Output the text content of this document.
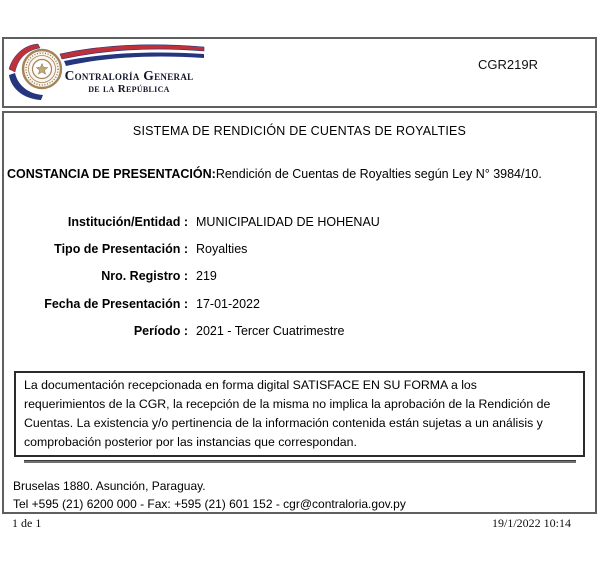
Contraloría General
de la República
CGR219R
SISTEMA DE RENDICIÓN DE CUENTAS DE ROYALTIES
CONSTANCIA DE PRESENTACIÓN:Rendición de Cuentas de Royalties según Ley N° 3984/10.
Institución/Entidad : MUNICIPALIDAD DE HOHENAU
Tipo de Presentación : Royalties
Nro. Registro : 219
Fecha de Presentación : 17-01-2022
Período : 2021 - Tercer Cuatrimestre
La documentación recepcionada en forma digital SATISFACE EN SU FORMA a los
requerimientos de la CGR, la recepción de la misma no implica la aprobación de la Rendición de
Cuentas. La existencia y/o pertinencia de la información contenida están sujetas a un análisis y
comprobación posterior por las instancias que correspondan.
Bruselas 1880. Asunción, Paraguay.
Tel +595 (21) 6200 000 - Fax: +595 (21) 601 152 - cgr@contraloria.gov.py
1 de 1	19/1/2022 10:14
